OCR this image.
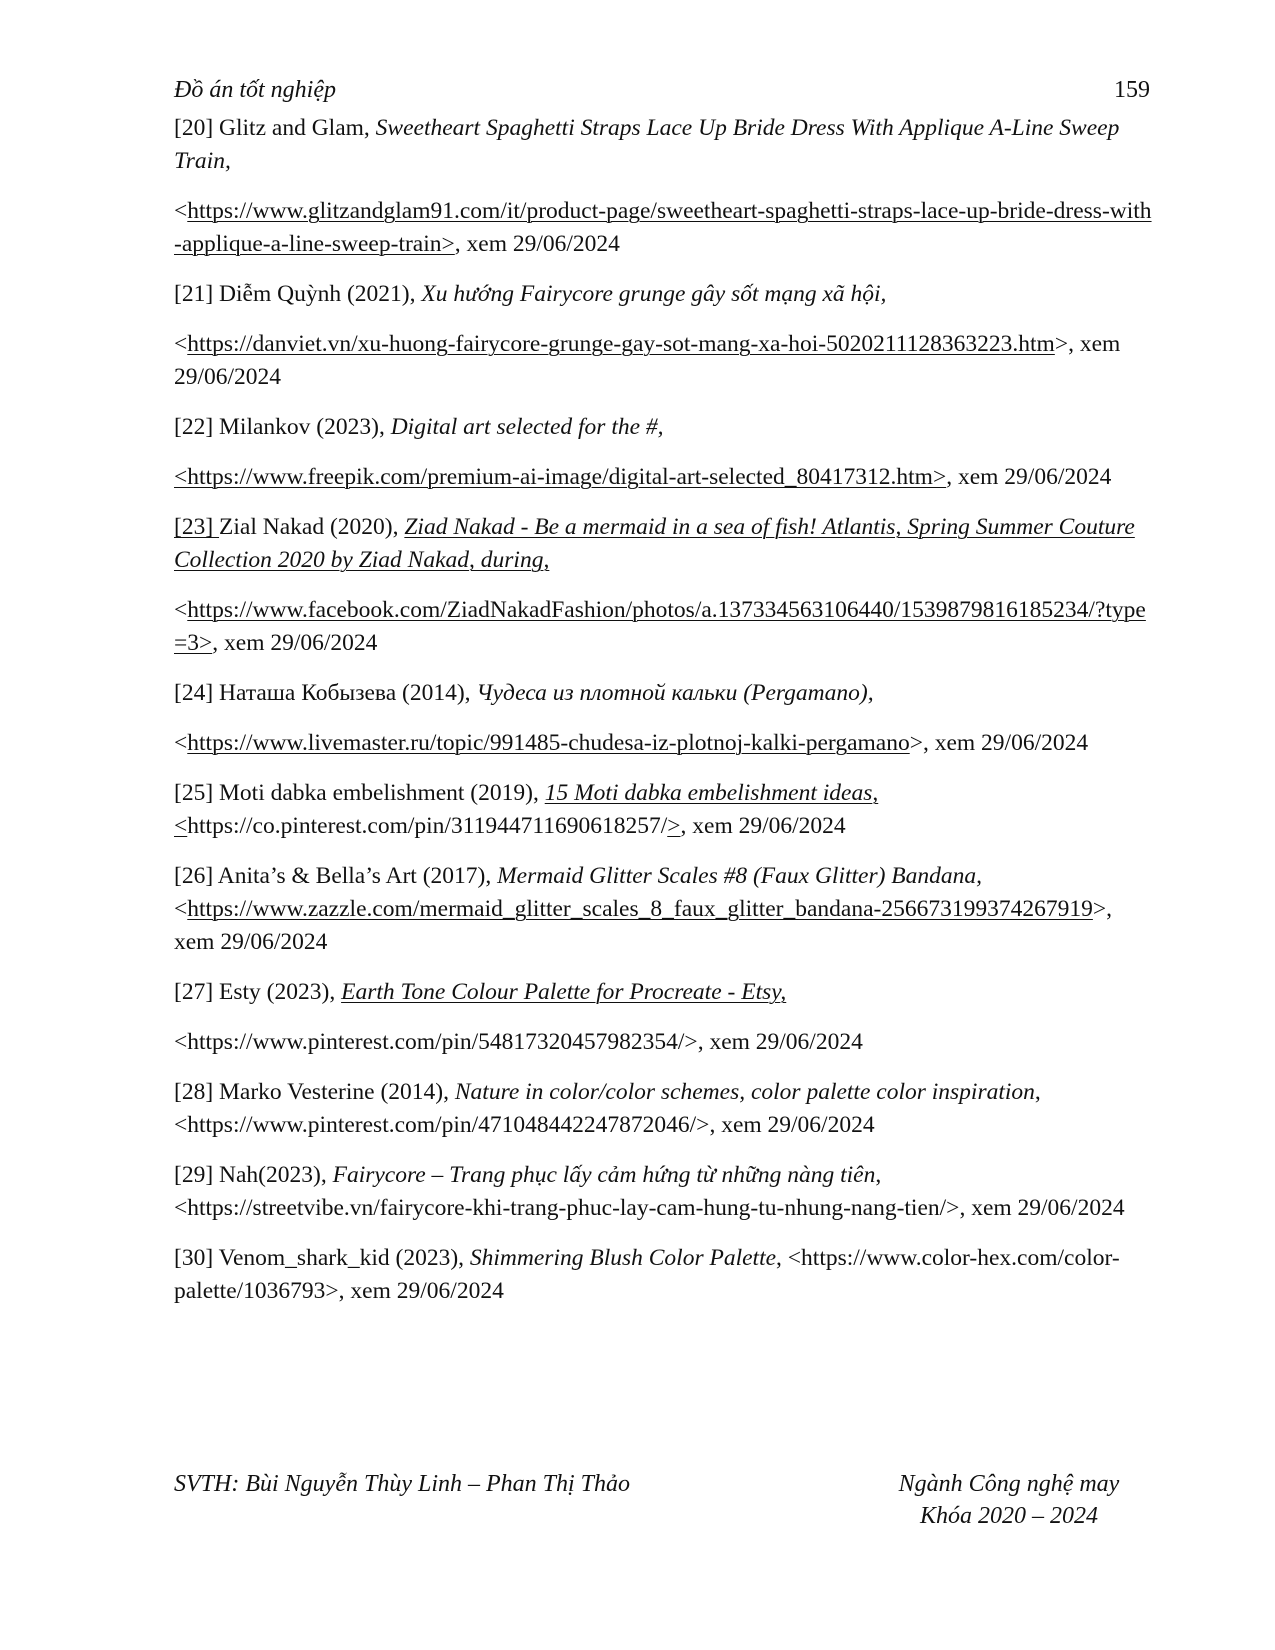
Đồ án tốt nghiệp	159

[20] Glitz and Glam, Sweetheart Spaghetti Straps Lace Up Bride Dress With Applique A-Line Sweep Train,

<https://www.glitzandglam91.com/it/product-page/sweetheart-spaghetti-straps-lace-up-bride-dress-with-applique-a-line-sweep-train>, xem 29/06/2024

[21] Diễm Quỳnh (2021), Xu hướng Fairycore grunge gây sốt mạng xã hội,

<https://danviet.vn/xu-huong-fairycore-grunge-gay-sot-mang-xa-hoi-5020211128363223.htm>, xem 29/06/2024

[22] Milankov (2023), Digital art selected for the #,

<https://www.freepik.com/premium-ai-image/digital-art-selected_80417312.htm>, xem 29/06/2024

[23] Zial Nakad (2020), Ziad Nakad - Be a mermaid in a sea of fish! Atlantis, Spring Summer Couture Collection 2020 by Ziad Nakad, during,

<https://www.facebook.com/ZiadNakadFashion/photos/a.137334563106440/1539879816185234/?type=3>, xem 29/06/2024

[24] Наташа Кобызева (2014), Чудеса из плотной кальки (Pergamano),

<https://www.livemaster.ru/topic/991485-chudesa-iz-plotnoj-kalki-pergamano>, xem 29/06/2024

[25] Moti dabka embelishment (2019), 15 Moti dabka embelishment ideas,
<https://co.pinterest.com/pin/311944711690618257/>, xem 29/06/2024

[26] Anita’s & Bella’s Art (2017), Mermaid Glitter Scales #8 (Faux Glitter) Bandana,
<https://www.zazzle.com/mermaid_glitter_scales_8_faux_glitter_bandana-256673199374267919>, xem 29/06/2024

[27] Esty (2023), Earth Tone Colour Palette for Procreate - Etsy,

<https://www.pinterest.com/pin/548173204579823​54/>, xem 29/06/2024

[28] Marko Vesterine (2014), Nature in color/color schemes, color palette color inspiration, <https://www.pinterest.com/pin/471048442247872046/>, xem 29/06/2024

[29] Nah(2023), Fairycore – Trang phục lấy cảm hứng từ những nàng tiên, <https://streetvibe.vn/fairycore-khi-trang-phuc-lay-cam-hung-tu-nhung-nang-tien/>, xem 29/06/2024

[30] Venom_shark_kid (2023), Shimmering Blush Color Palette, <https://www.color-hex.com/color-palette/1036793>, xem 29/06/2024

SVTH: Bùi Nguyễn Thùy Linh – Phan Thị Thảo	Ngành Công nghệ may
Khóa 2020 – 2024
